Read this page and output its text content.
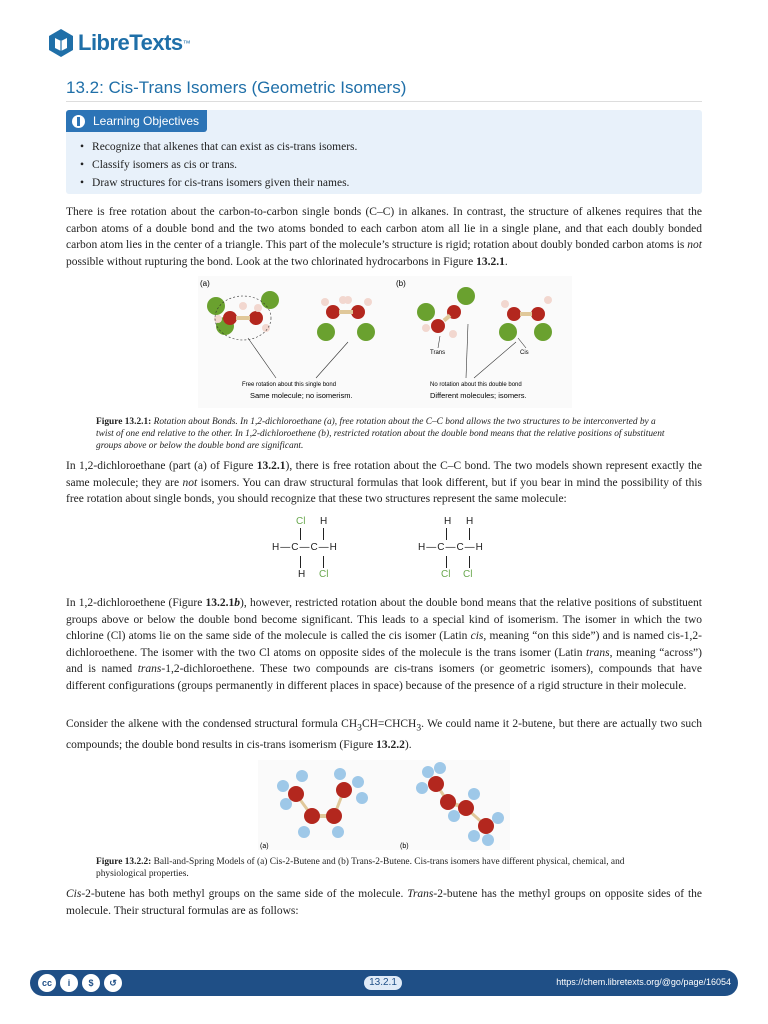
LibreTexts ™
13.2: Cis-Trans Isomers (Geometric Isomers)
Learning Objectives
• Recognize that alkenes that can exist as cis-trans isomers.
• Classify isomers as cis or trans.
• Draw structures for cis-trans isomers given their names.

There is free rotation about the carbon-to-carbon single bonds (C–C) in alkanes. In contrast, the structure of alkenes requires that the carbon atoms of a double bond and the two atoms bonded to each carbon atom all lie in a single plane, and that each doubly bonded carbon atom lies in the center of a triangle. This part of the molecule’s structure is rigid; rotation about doubly bonded carbon atoms is not possible without rupturing the bond. Look at the two chlorinated hydrocarbons in Figure 13.2.1.

(a)	(b)
Free rotation about this single bond
Same molecule; no isomerism.
Trans	Cis
No rotation about this double bond
Different molecules; isomers.

Figure 13.2.1: Rotation about Bonds. In 1,2-dichloroethane (a), free rotation about the C–C bond allows the two structures to be interconverted by a twist of one end relative to the other. In 1,2-dichloroethene (b), restricted rotation about the double bond means that the relative positions of substituent groups above or below the double bond are significant.

In 1,2-dichloroethane (part (a) of Figure 13.2.1), there is free rotation about the C–C bond. The two models shown represent exactly the same molecule; they are not isomers. You can draw structural formulas that look different, but if you bear in mind the possibility of this free rotation about single bonds, you should recognize that these two structures represent the same molecule:

Cl H
H—C—C—H
H Cl
H H
H—C—C—H
Cl Cl

In 1,2-dichloroethene (Figure 13.2.1b), however, restricted rotation about the double bond means that the relative positions of substituent groups above or below the double bond become significant. This leads to a special kind of isomerism. The isomer in which the two chlorine (Cl) atoms lie on the same side of the molecule is called the cis isomer (Latin cis, meaning “on this side”) and is named cis-1,2-dichloroethene. The isomer with the two Cl atoms on opposite sides of the molecule is the trans isomer (Latin trans, meaning “across”) and is named trans-1,2-dichloroethene. These two compounds are cis-trans isomers (or geometric isomers), compounds that have different configurations (groups permanently in different places in space) because of the presence of a rigid structure in their molecule.

Consider the alkene with the condensed structural formula $CH_3CH=CHCH_3$. We could name it 2-butene, but there are actually two such compounds; the double bond results in cis-trans isomerism (Figure 13.2.2).

(a)	(b)

Figure 13.2.2: Ball-and-Spring Models of (a) Cis-2-Butene and (b) Trans-2-Butene. Cis-trans isomers have different physical, chemical, and physiological properties.

Cis-2-butene has both methyl groups on the same side of the molecule. Trans-2-butene has the methyl groups on opposite sides of the molecule. Their structural formulas are as follows:

cc	i	$	↺	13.2.1	https://chem.libretexts.org/@go/page/16054
